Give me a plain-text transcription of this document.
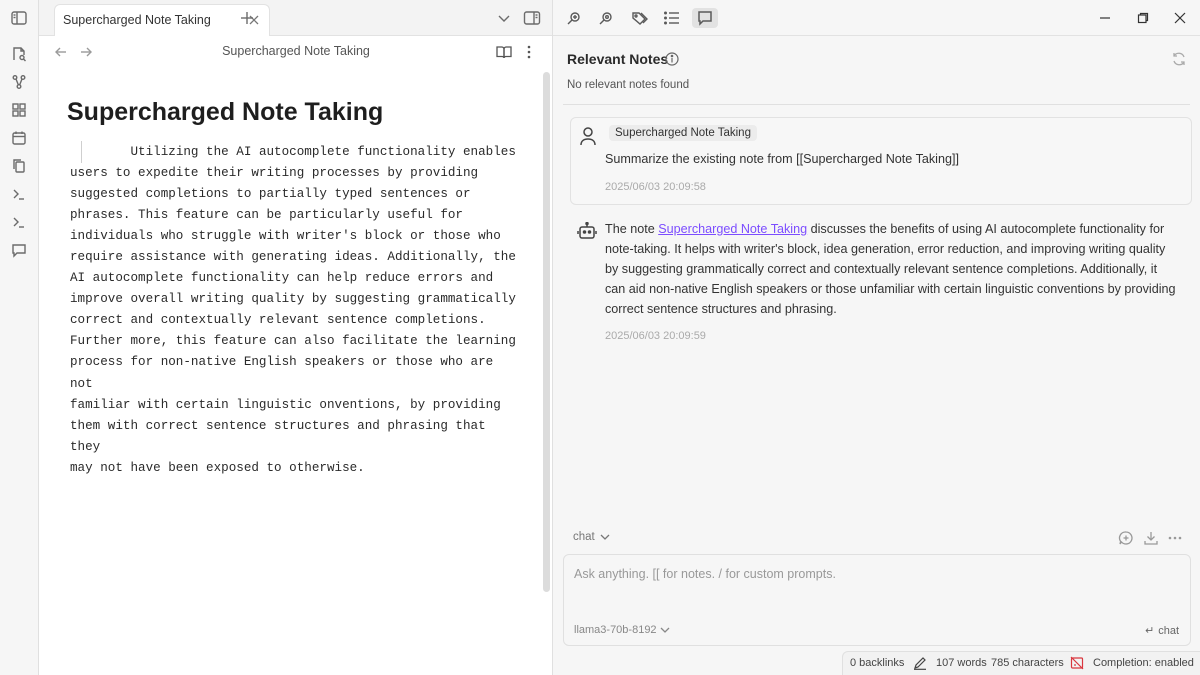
Supercharged Note Taking
Supercharged Note Taking
Supercharged Note Taking
Utilizing the AI autocomplete functionality enables
users to expedite their writing processes by providing
suggested completions to partially typed sentences or
phrases. This feature can be particularly useful for
individuals who struggle with writer's block or those who
require assistance with generating ideas. Additionally, the
AI autocomplete functionality can help reduce errors and
improve overall writing quality by suggesting grammatically
correct and contextually relevant sentence completions.
Further more, this feature can also facilitate the learning
process for non-native English speakers or those who are not
familiar with certain linguistic onventions, by providing
them with correct sentence structures and phrasing that they
may not have been exposed to otherwise.
Relevant Notes
No relevant notes found
Supercharged Note Taking
Summarize the existing note from [[Supercharged Note Taking]]
2025/06/03 20:09:58
The note Supercharged Note Taking discusses the benefits of using AI autocomplete functionality for note-taking. It helps with writer's block, idea generation, error reduction, and improving writing quality by suggesting grammatically correct and contextually relevant sentence completions. Additionally, it can aid non-native English speakers or those unfamiliar with certain linguistic conventions by providing correct sentence structures and phrasing.
2025/06/03 20:09:59
chat
Ask anything. [[ for notes. / for custom prompts.
llama3-70b-8192	↵ chat
0 backlinks	107 words 785 characters	Completion: enabled
